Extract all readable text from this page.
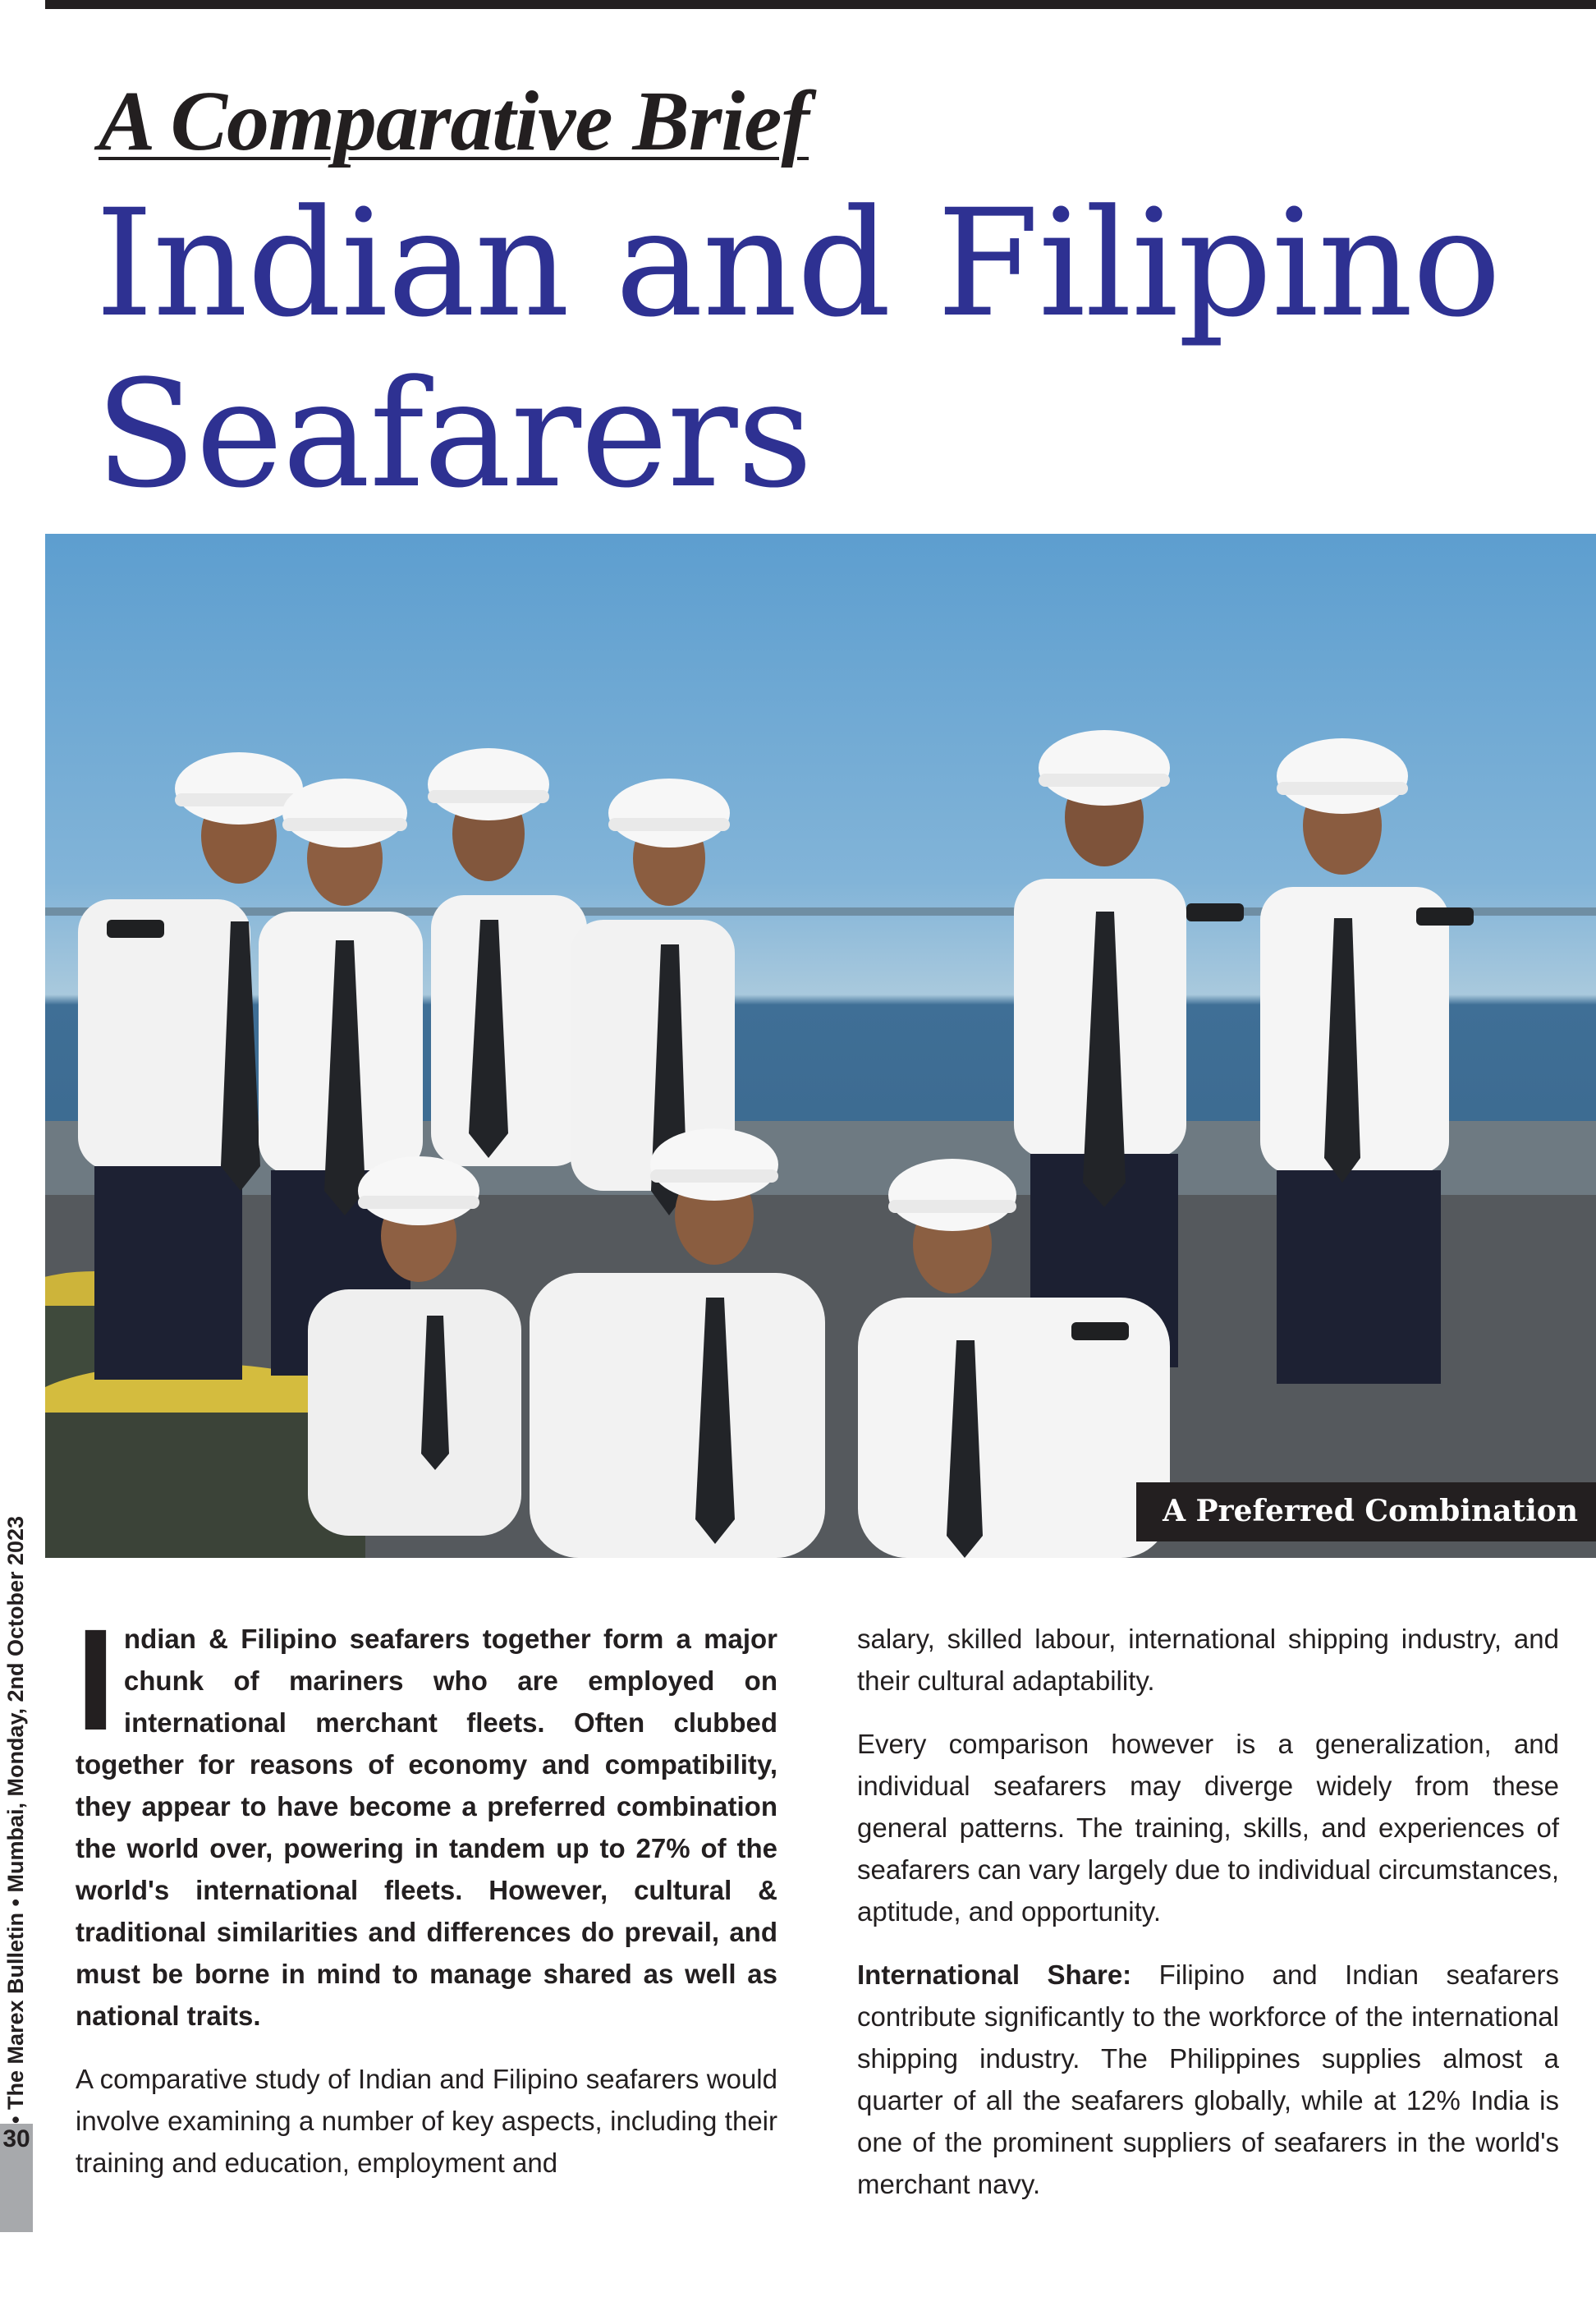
A Comparative Brief
Indian and Filipino
Seafarers
A Preferred Combination
30
• The Marex Bulletin • Mumbai, Monday, 2nd October 2023 Indian & Filipino seafarers together form a major chunk of mariners who are employed on international merchant fleets. Often clubbed together for reasons of economy and compatibility, they appear to have become a preferred combination the world over, powering in tandem up to 27% of the world's international fleets. However, cultural & traditional similarities and differences do prevail, and must be borne in mind to manage shared as well as national traits.

A comparative study of Indian and Filipino seafarers would involve examining a number of key aspects, including their training and education, employment and

salary, skilled labour, international shipping industry, and their cultural adaptability.

Every comparison however is a generalization, and individual seafarers may diverge widely from these general patterns. The training, skills, and experiences of seafarers can vary largely due to individual circumstances, aptitude, and opportunity.

International Share: Filipino and Indian seafarers contribute significantly to the workforce of the international shipping industry. The Philippines supplies almost a quarter of all the seafarers globally, while at 12% India is one of the prominent suppliers of seafarers in the world's merchant navy.
